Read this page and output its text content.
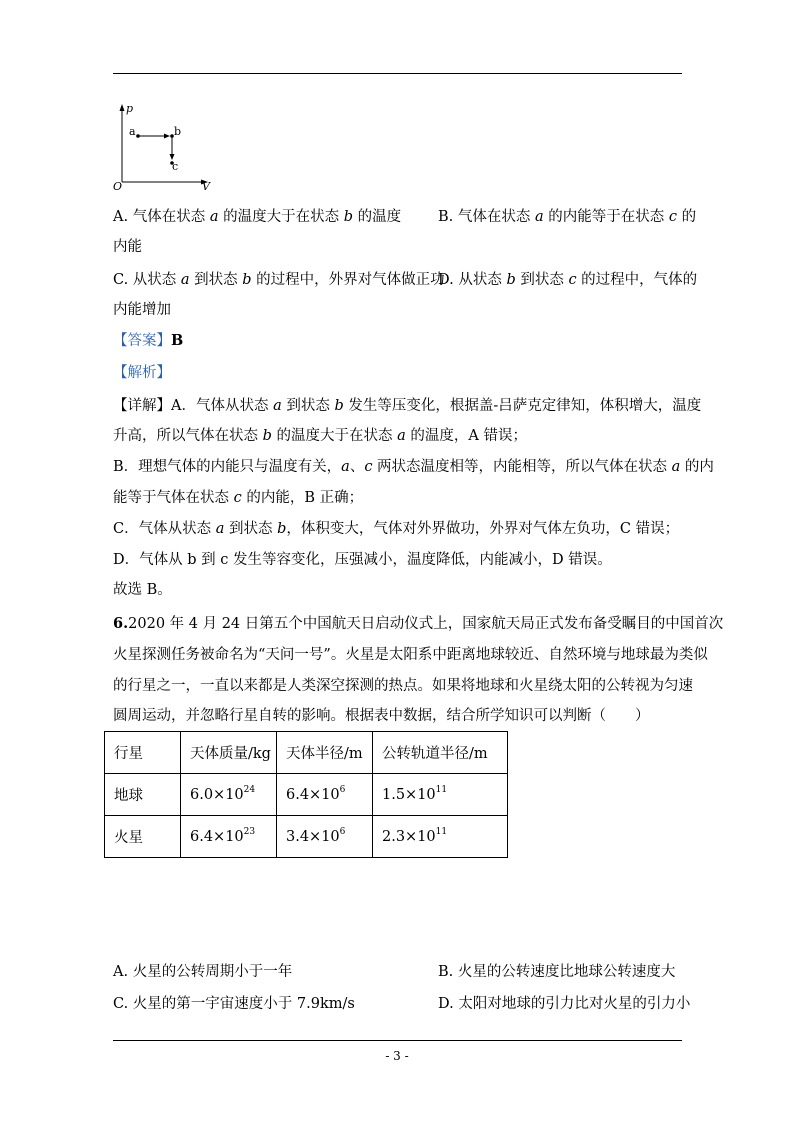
p
V
O
a	b
c
A. 气体在状态 a 的温度大于在状态 b 的温度	B. 气体在状态 a 的内能等于在状态 c 的
内能
C. 从状态 a 到状态 b 的过程中，外界对气体做正功
D. 从状态 b 到状态 c 的过程中，气体的
内能增加
【答案】B
【解析】
【详解】A．气体从状态 a 到状态 b 发生等压变化，根据盖-吕萨克定律知，体积增大，温度
升高，所以气体在状态 b 的温度大于在状态 a 的温度，A 错误；
B．理想气体的内能只与温度有关，a、c 两状态温度相等，内能相等，所以气体在状态 a 的内
能等于气体在状态 c 的内能，B 正确；
C．气体从状态 a 到状态 b，体积变大，气体对外界做功，外界对气体左负功，C 错误；
D．气体从 b 到 c 发生等容变化，压强减小，温度降低，内能减小，D 错误。
故选 B。
6.2020 年 4 月 24 日第五个中国航天日启动仪式上，国家航天局正式发布备受瞩目的中国首次
火星探测任务被命名为“天问一号”。火星是太阳系中距离地球较近、自然环境与地球最为类似
的行星之一，一直以来都是人类深空探测的热点。如果将地球和火星绕太阳的公转视为匀速
圆周运动，并忽略行星自转的影响。根据表中数据，结合所学知识可以判断（　　）
行星	天体质量/kg	天体半径/m	公转轨道半径/m
地球	$6.0\times 10^{24}$	$6.4\times 10^6$	$1.5\times 10^{11}$
火星	$6.4\times 10^{23}$	$3.4\times 10^6$	$2.3\times 10^{11}$
A. 火星的公转周期小于一年	B. 火星的公转速度比地球公转速度大
C. 火星的第一宇宙速度小于 7.9km/s	D. 太阳对地球的引力比对火星的引力小
- 3 -
